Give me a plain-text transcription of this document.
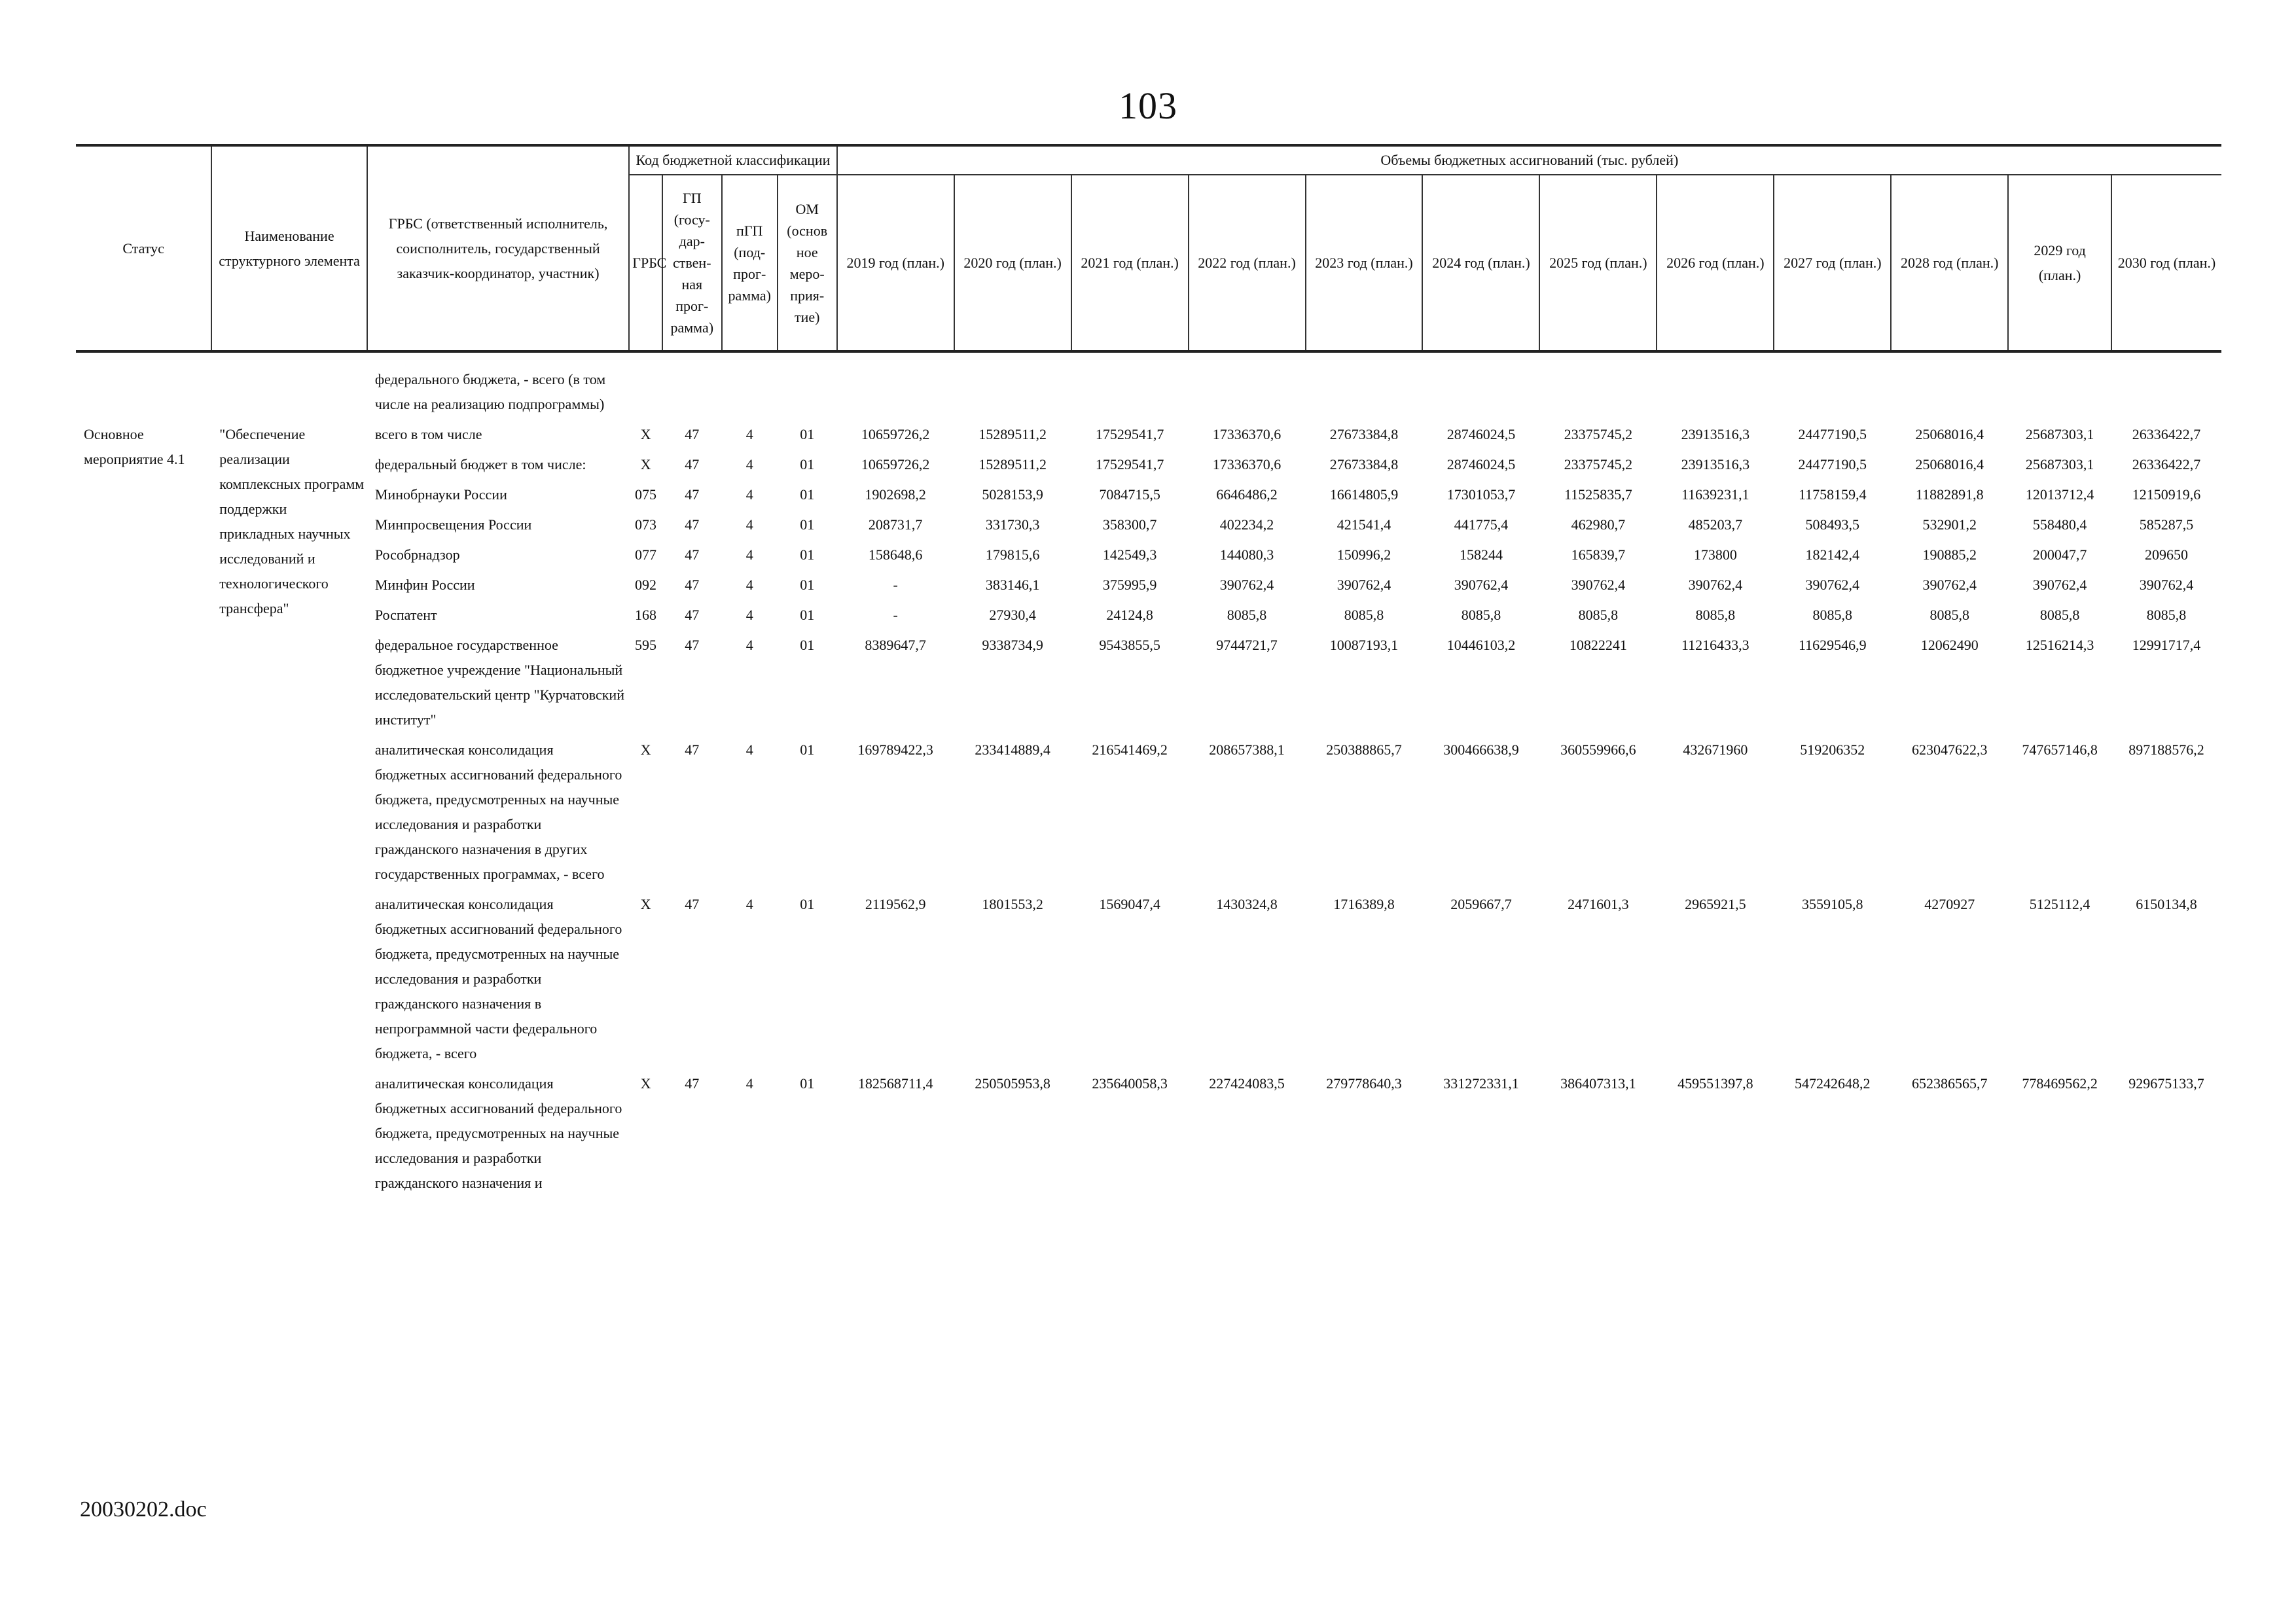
103
Статус	Наименование структурного элемента	ГРБС (ответственный исполнитель, соисполнитель, государственный заказчик-координатор, участник)	Код бюджетной классификации				Объемы бюджетных ассигнований (тыс. рублей)											
			ГРБС	ГП (госу-дар-ствен-ная прог-рамма)	пГП (под-прог-рамма)	ОМ (основ ное меро-прия-тие)	2019 год (план.)	2020 год (план.)	2021 год (план.)	2022 год (план.)	2023 год (план.)	2024 год (план.)	2025 год (план.)	2026 год (план.)	2027 год (план.)	2028 год (план.)	2029 год (план.)	2030 год (план.)

		федерального бюджета, - всего (в том числе на реализацию подпрограммы)																
Основное мероприятие 4.1	"Обеспечение реализации комплексных программ поддержки прикладных научных исследований и технологического трансфера"	всего в том числе	X	47	4	01	10659726,2	15289511,2	17529541,7	17336370,6	27673384,8	28746024,5	23375745,2	23913516,3	24477190,5	25068016,4	25687303,1	26336422,7
		федеральный бюджет в том числе:	X	47	4	01	10659726,2	15289511,2	17529541,7	17336370,6	27673384,8	28746024,5	23375745,2	23913516,3	24477190,5	25068016,4	25687303,1	26336422,7
		Минобрнауки России	075	47	4	01	1902698,2	5028153,9	7084715,5	6646486,2	16614805,9	17301053,7	11525835,7	11639231,1	11758159,4	11882891,8	12013712,4	12150919,6
		Минпросвещения России	073	47	4	01	208731,7	331730,3	358300,7	402234,2	421541,4	441775,4	462980,7	485203,7	508493,5	532901,2	558480,4	585287,5
		Рособрнадзор	077	47	4	01	158648,6	179815,6	142549,3	144080,3	150996,2	158244	165839,7	173800	182142,4	190885,2	200047,7	209650
		Минфин России	092	47	4	01	-	383146,1	375995,9	390762,4	390762,4	390762,4	390762,4	390762,4	390762,4	390762,4	390762,4	390762,4
		Роспатент	168	47	4	01	-	27930,4	24124,8	8085,8	8085,8	8085,8	8085,8	8085,8	8085,8	8085,8	8085,8	8085,8
		федеральное государственное бюджетное учреждение "Национальный исследовательский центр "Курчатовский институт"	595	47	4	01	8389647,7	9338734,9	9543855,5	9744721,7	10087193,1	10446103,2	10822241	11216433,3	11629546,9	12062490	12516214,3	12991717,4
		аналитическая консолидация бюджетных ассигнований федерального бюджета, предусмотренных на научные исследования и разработки гражданского назначения в других государственных программах, - всего	X	47	4	01	169789422,3	233414889,4	216541469,2	208657388,1	250388865,7	300466638,9	360559966,6	432671960	519206352	623047622,3	747657146,8	897188576,2
		аналитическая консолидация бюджетных ассигнований федерального бюджета, предусмотренных на научные исследования и разработки гражданского назначения в непрограммной части федерального бюджета, - всего	X	47	4	01	2119562,9	1801553,2	1569047,4	1430324,8	1716389,8	2059667,7	2471601,3	2965921,5	3559105,8	4270927	5125112,4	6150134,8
		аналитическая консолидация бюджетных ассигнований федерального бюджета, предусмотренных на научные исследования и разработки гражданского назначения и	X	47	4	01	182568711,4	250505953,8	235640058,3	227424083,5	279778640,3	331272331,1	386407313,1	459551397,8	547242648,2	652386565,7	778469562,2	929675133,7
20030202.doc
